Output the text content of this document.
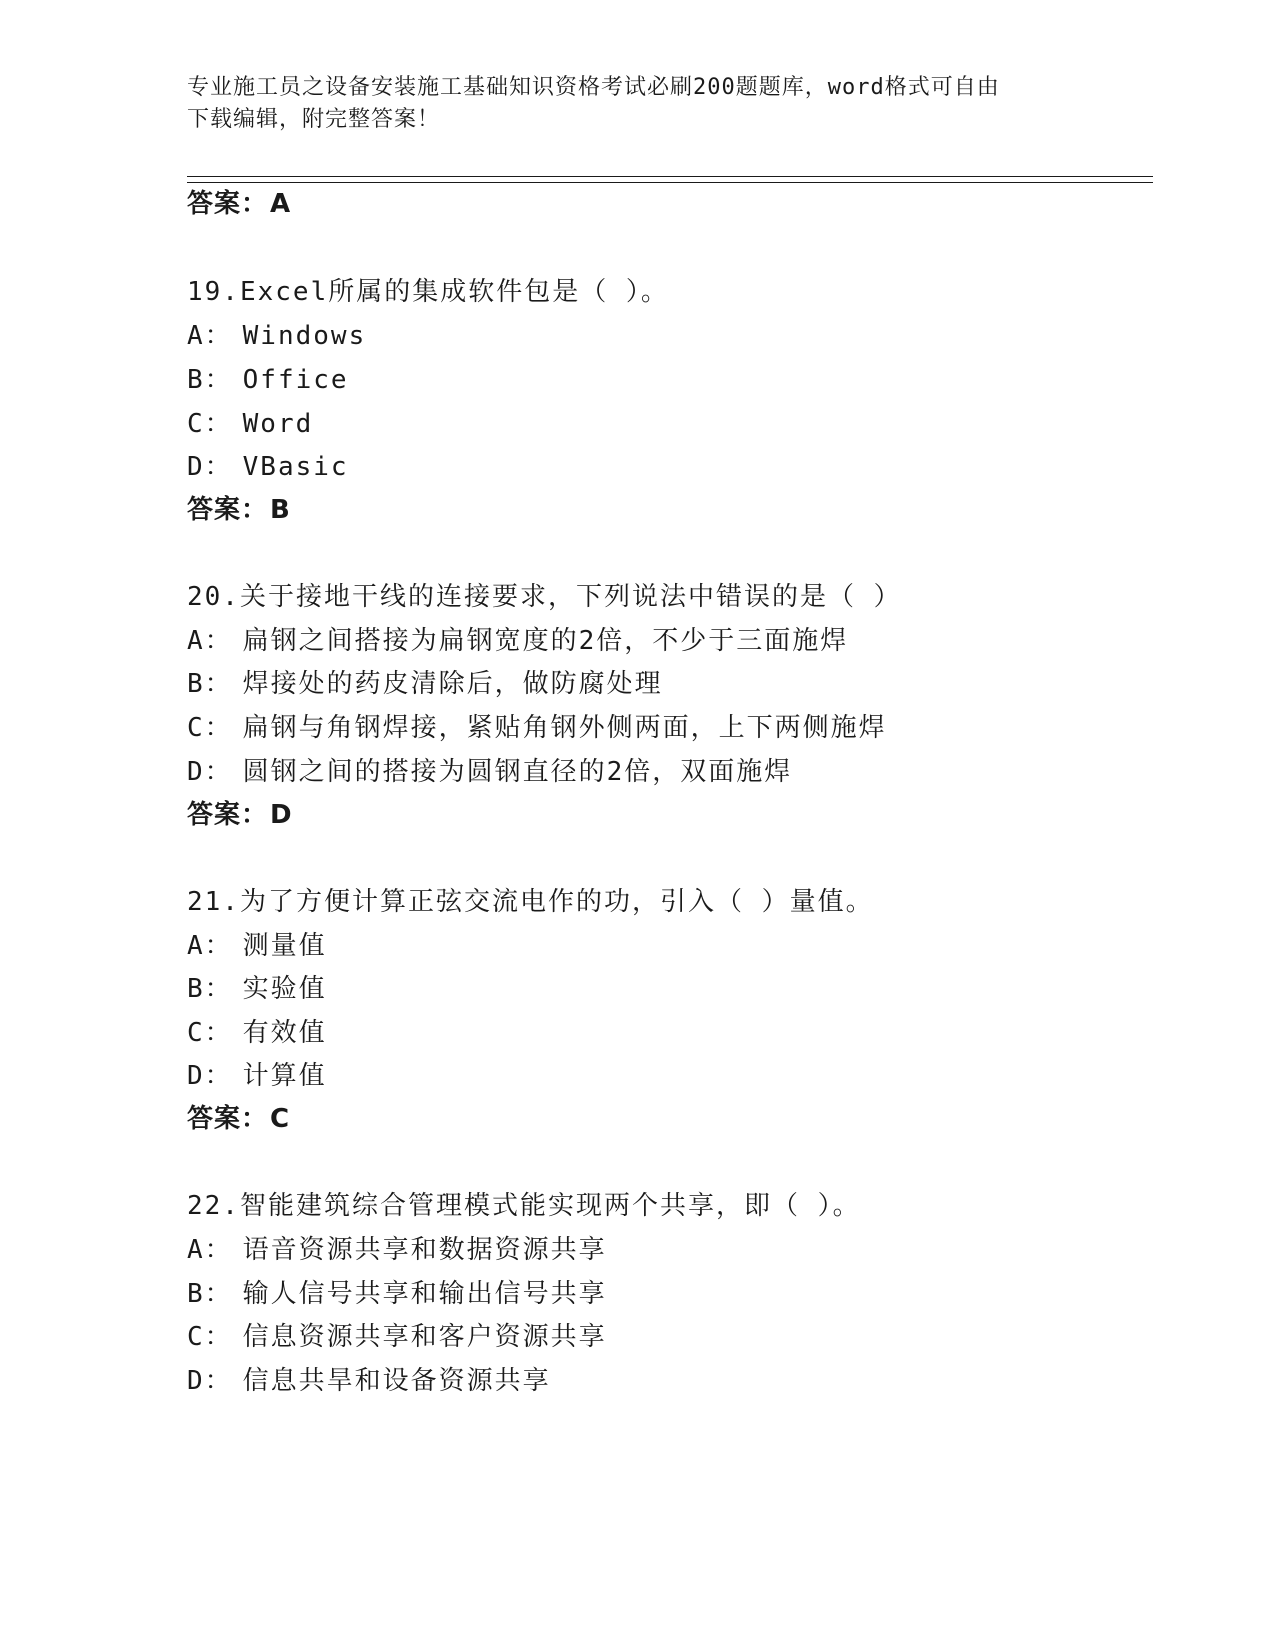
专业施工员之设备安装施工基础知识资格考试必刷200题题库，word格式可自由
下载编辑，附完整答案！
答案：A
19.Excel所属的集成软件包是（ ）。
A： Windows
B： Office
C： Word
D： VBasic
答案：B
20.关于接地干线的连接要求，下列说法中错误的是（ ）
A： 扁钢之间搭接为扁钢宽度的2倍，不少于三面施焊
B： 焊接处的药皮清除后，做防腐处理
C： 扁钢与角钢焊接，紧贴角钢外侧两面，上下两侧施焊
D： 圆钢之间的搭接为圆钢直径的2倍，双面施焊
答案：D
21.为了方便计算正弦交流电作的功，引入（ ）量值。
A： 测量值
B： 实验值
C： 有效值
D： 计算值
答案：C
22.智能建筑综合管理模式能实现两个共享，即（ ）。
A： 语音资源共享和数据资源共享
B： 输人信号共享和输出信号共享
C： 信息资源共享和客户资源共享
D： 信息共旱和设备资源共享
